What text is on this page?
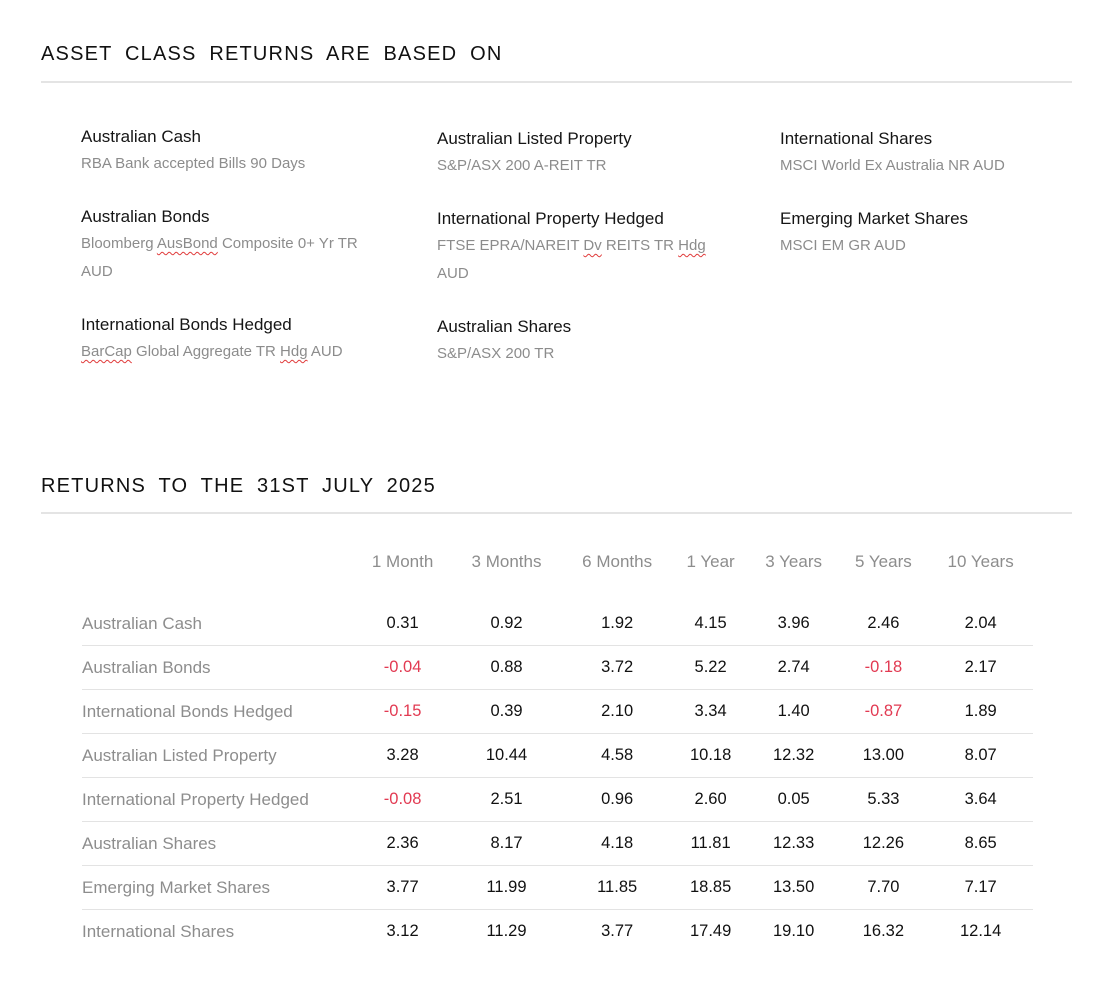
ASSET CLASS RETURNS ARE BASED ON
Australian Cash
RBA Bank accepted Bills 90 Days
Australian Bonds
Bloomberg AusBond Composite 0+ Yr TR AUD
International Bonds Hedged
BarCap Global Aggregate TR Hdg AUD
Australian Listed Property
S&P/ASX 200 A-REIT TR
International Property Hedged
FTSE EPRA/NAREIT Dv REITS TR Hdg AUD
Australian Shares
S&P/ASX 200 TR
International Shares
MSCI World Ex Australia NR AUD
Emerging Market Shares
MSCI EM GR AUD
RETURNS TO THE 31ST JULY 2025
	1 Month	3 Months	6 Months	1 Year	3 Years	5 Years	10 Years
Australian Cash	0.31	0.92	1.92	4.15	3.96	2.46	2.04
Australian Bonds	-0.04	0.88	3.72	5.22	2.74	-0.18	2.17
International Bonds Hedged	-0.15	0.39	2.10	3.34	1.40	-0.87	1.89
Australian Listed Property	3.28	10.44	4.58	10.18	12.32	13.00	8.07
International Property Hedged	-0.08	2.51	0.96	2.60	0.05	5.33	3.64
Australian Shares	2.36	8.17	4.18	11.81	12.33	12.26	8.65
Emerging Market Shares	3.77	11.99	11.85	18.85	13.50	7.70	7.17
International Shares	3.12	11.29	3.77	17.49	19.10	16.32	12.14
